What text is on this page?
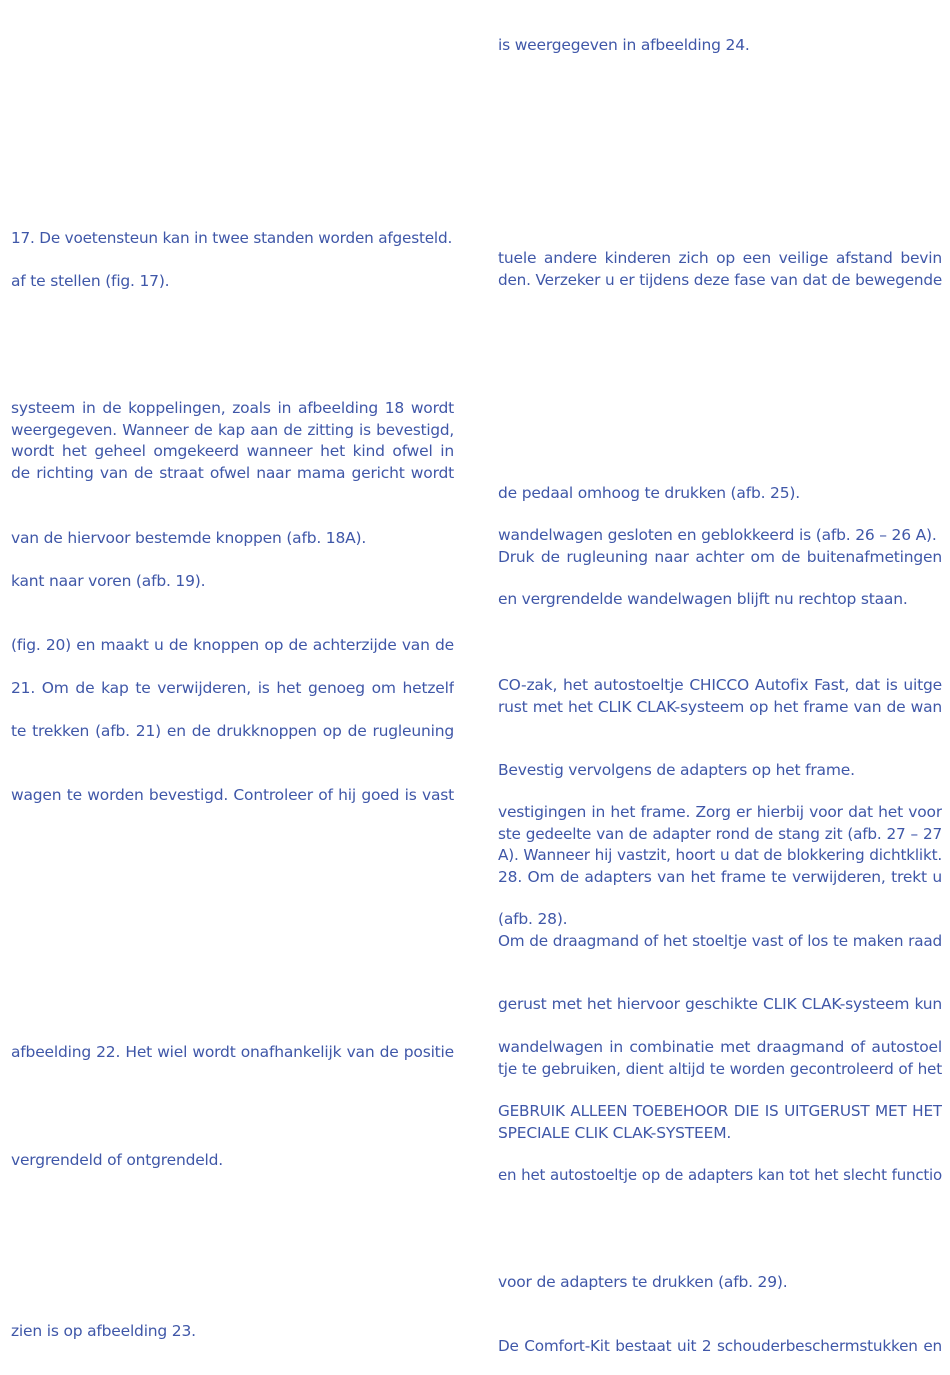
17. De voetensteun kan in twee standen worden afgesteld.
af te stellen (fig. 17).
systeem in de koppelingen, zoals in afbeelding 18 wordt
weergegeven. Wanneer de kap aan de zitting is bevestigd,
wordt het geheel omgekeerd wanneer het kind ofwel in
de richting van de straat ofwel naar mama gericht wordt
van de hiervoor bestemde knoppen (afb. 18A).
kant naar voren (afb. 19).
(fig. 20) en maakt u de knoppen op de achterzijde van de
21. Om de kap te verwijderen, is het genoeg om hetzelf
te trekken (afb. 21) en de drukknoppen op de rugleuning
wagen te worden bevestigd. Controleer of hij goed is vast
afbeelding 22. Het wiel wordt onafhankelijk van de positie
vergrendeld of ontgrendeld.
zien is op afbeelding 23.
is weergegeven in afbeelding 24.
tuele andere kinderen zich op een veilige afstand bevin
den. Verzeker u er tijdens deze fase van dat de bewegende
de pedaal omhoog te drukken (afb. 25).
wandelwagen gesloten en geblokkeerd is (afb. 26 – 26 A).
Druk de rugleuning naar achter om de buitenafmetingen
en vergrendelde wandelwagen blijft nu rechtop staan.
CO-zak, het autostoeltje CHICCO Autofix Fast, dat is uitge
rust met het CLIK CLAK-systeem op het frame van de wan
Bevestig vervolgens de adapters op het frame.
vestigingen in het frame. Zorg er hierbij voor dat het voor
ste gedeelte van de adapter rond de stang zit (afb. 27 – 27
A). Wanneer hij vastzit, hoort u dat de blokkering dichtklikt.
28. Om de adapters van het frame te verwijderen, trekt u
(afb. 28).
Om de draagmand of het stoeltje vast of los te maken raad
gerust met het hiervoor geschikte CLIK CLAK-systeem kun
wandelwagen in combinatie met draagmand of autostoel
tje te gebruiken, dient altijd te worden gecontroleerd of het
GEBRUIK ALLEEN TOEBEHOOR DIE IS UITGERUST MET HET
SPECIALE CLIK CLAK-SYSTEEM.
en het autostoeltje op de adapters kan tot het slecht functio
voor de adapters te drukken (afb. 29).
De Comfort-Kit bestaat uit 2 schouderbeschermstukken en
